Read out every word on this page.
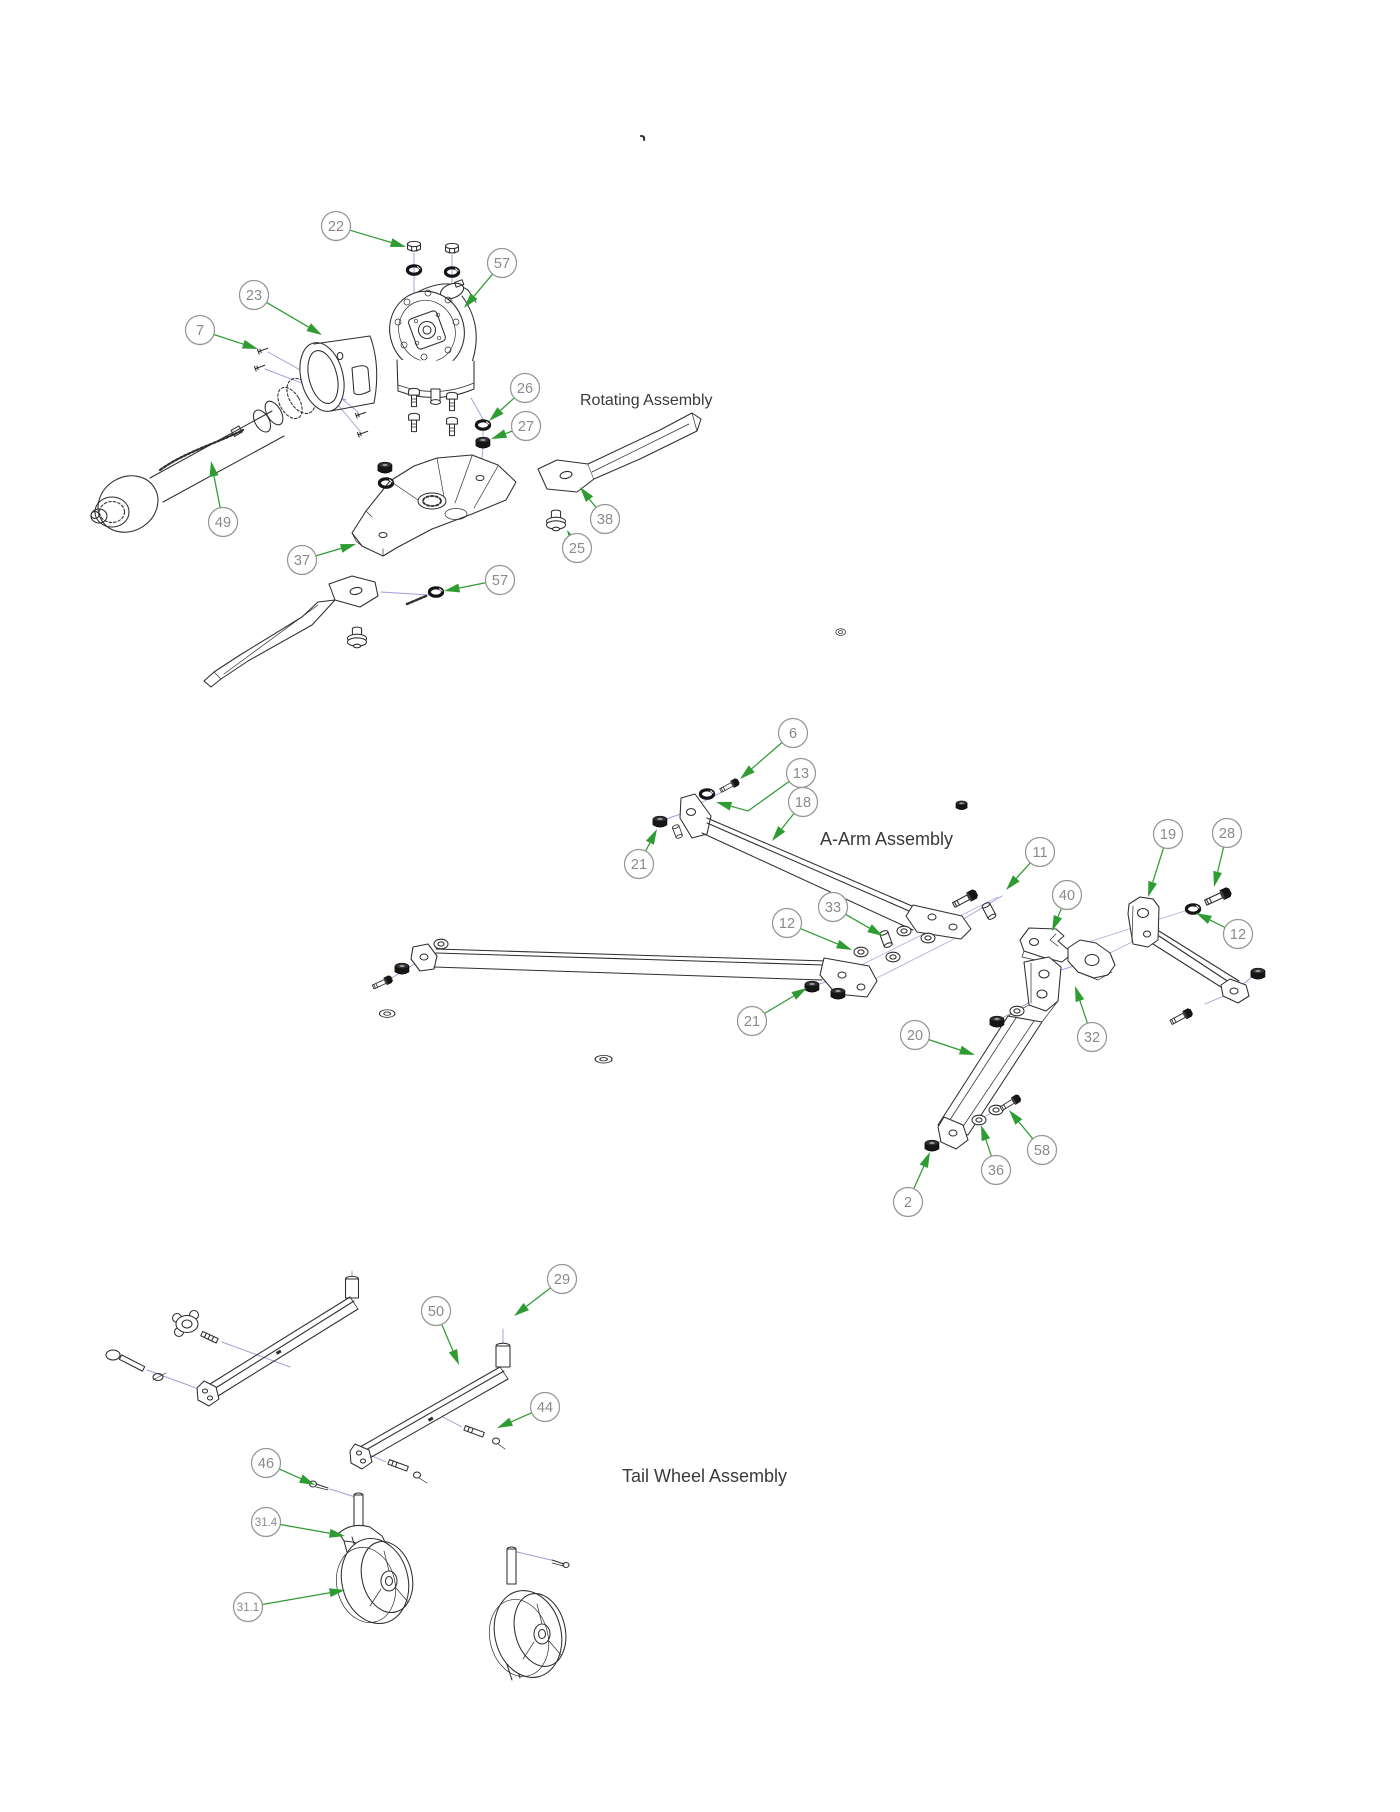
22
57
23
7
26
27
49
37
38
25
57
6
13
18
21
11
19	28
40
33
12
12
21
20	32
58
36
2
29
50
44
46
31.4
31.1
Rotating Assembly
A-Arm Assembly
Tail Wheel Assembly
